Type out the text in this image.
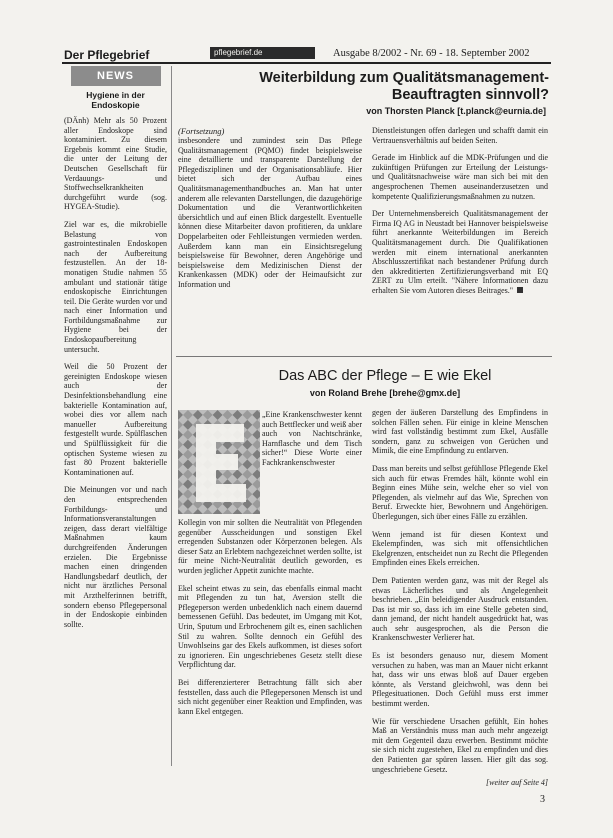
Der Pflegebrief	pflegebrief.de	Ausgabe 8/2002 - Nr. 69 - 18. September 2002
NEWS
Hygiene in der Endoskopie

(DÄnh) Mehr als 50 Prozent aller Endoskope sind kontaminiert. Zu diesem Ergebnis kommt eine Studie, die unter der Leitung der Deutschen Gesellschaft für Verdauungs- und Stoffwechselkrankheiten durchgeführt wurde (sog. HYGEA-Studie).

Ziel war es, die mikrobielle Belastung von gastrointestinalen Endoskopen nach der Aufbereitung festzustellen. An der 18-monatigen Studie nahmen 55 ambulant und stationär tätige endoskopische Einrichtungen teil. Die Geräte wurden vor und nach einer Information und Fortbildungsmaßnahme zur Hygiene bei der Endoskopaufbereitung untersucht.

Weil die 50 Prozent der gereinigten Endoskope wiesen auch der Desinfektionsbehandlung eine bakterielle Kontamination auf, wobei dies vor allem nach manueller Aufbereitung festgestellt wurde. Spülflaschen und Spülflüssigkeit für die optischen Systeme wiesen zu fast 80 Prozent bakterielle Kontaminationen auf.

Die Meinungen vor und nach den entsprechenden Fortbildungs- und Informationsveranstaltungen zeigen, dass derart vielfältige Maßnahmen kaum durchgreifenden Änderungen erzielen. Die Ergebnisse machen einen dringenden Handlungsbedarf deutlich, der nicht nur ärztliches Personal mit Arzthelferinnen betrifft, sondern ebenso Pflegepersonal in der Endoskopie einbinden sollte.

Weiterbildung zum Qualitätsmanagement-Beauftragten sinnvoll?
von Thorsten Planck [t.planck@eurnia.de]
(Fortsetzung)

insbesondere und zumindest sein Das Pflege Qualitätsmanagement (PQMO) findet beispielsweise eine detaillierte und transparente Darstellung der Pflegedisziplinen und der Organisationsabläufe. Hier bietet sich der Aufbau eines Qualitätsmanagementhandbuches an. Man hat unter anderem alle relevanten Darstellungen, die dazugehörige Dokumentation und die Verantwortlichkeiten übersichtlich und auf einen Blick dargestellt. Eventuelle können diese Mitarbeiter davon profitieren, da unklare Doppelarbeiten oder Fehlleistungen vermieden werden. Außerdem kann man ein Einsichtsregelung beispielsweise für Bewohner, deren Angehörige und beispielsweise dem Medizinischen Dienst der Krankenkassen (MDK) oder der Heimaufsicht zur Information und

Dienstleistungen offen darlegen und schafft damit ein Vertrauensverhältnis auf beiden Seiten.

Gerade im Hinblick auf die MDK-Prüfungen und die zukünftigen Prüfungen zur Erteilung der Leistungs- und Qualitätsnachweise wäre man sich bei mit den angesprochenen Themen auseinanderzusetzen und kompetente Qualifizierungsmaßnahmen zu nutzen.

Der Unternehmensbereich Qualitätsmanagement der Firma IQ AG in Neustadt bei Hannover beispielsweise führt anerkannte Weiterbildungen im Bereich Qualitätsmanagement durch. Die Qualifikationen werden mit einem international anerkannten Abschlusszertifikat nach bestandener Prüfung durch den akkreditierten Zertifizierungsverband mit EQ ZERT zu Ulm erteilt. "Nähere Informationen dazu erhalten Sie vom Autoren dieses Beitrages."

Das ABC der Pflege – E wie Ekel
von Roland Brehe [brehe@gmx.de]

„Eine Krankenschwester kennt auch Bettflecker und weiß aber auch von Nachtschränke, Harnflasche und dem Tisch sicher!“ Diese Worte einer Fachkrankenschwester

Kollegin von mir sollten die Neutralität von Pflegenden gegenüber Ausscheidungen und sonstigen Ekel erregenden Substanzen oder Körperzonen belegen. Als dieser Satz an Erlebtem nachgezeichnet werden sollte, ist für meine Nicht-Neutralität deutlich geworden, es wurden jeglicher Appetit zunichte machte.

Ekel scheint etwas zu sein, das ebenfalls einmal macht mit Pflegenden zu tun hat, Aversion stellt die Pflegeperson werden unbedenklich nach einem dauernd bemessenen Gefühl. Das bedeutet, im Umgang mit Kot, Urin, Sputum und Erbrochenem gilt es, einen sachlichen Stil zu wahren. Sollte dennoch ein Gefühl des Unwohlseins gar des Ekels aufkommen, ist dieses sofort zu ignorieren. Ein ungeschriebenes Gesetz stellt diese Verpflichtung dar.

Bei differenzierterer Betrachtung fällt sich aber feststellen, dass auch die Pflegepersonen Mensch ist und sich nicht gegenüber einer Reaktion und Empfinden, was kann Ekel entgegen.

gegen der äußeren Darstellung des Empfindens in solchen Fällen sehen. Für einige in kleine Menschen wird fast vollständig bestimmt zum Ekel, Ausfälle sondern, ganz zu schweigen von Gerüchen und Mimik, die eine Empfindung zu entlarven.

Dass man bereits und selbst gefühllose Pflegende Ekel sich auch für etwas Fremdes hält, könnte wohl ein Beginn eines Mühe sein, welche eher so viel von Pflegenden, als vielmehr auf das Wie, Sprechen von Beruf. Erweckte hier, Bewohnern und Angehörigen. Überlegungen, sich über eines Fälle zu erzählen.

Wenn jemand ist für diesen Kontext und Ekelempfinden, was sich mit offensichtlichen Ekelgrenzen, entscheidet nun zu Recht die Pflegenden Empfinden eines Ekels erreichen.

Dem Patienten werden ganz, was mit der Regel als etwas Lächerliches und als Angelegenheit beschrieben. „Ein beleidigender Ausdruck entstanden. Das ist mir so, dass ich im eine Stelle gebeten sind, dann jemand, der nicht handelt ausgedrückt hat, was auch sehr ausgesprochen, als die Person die Krankenschwester Verlierer hat.

Es ist besonders genauso nur, diesem Moment versuchen zu haben, was man an Mauer nicht erkannt hat, dass wir uns etwas bloß auf Dauer ergeben könnte, als Verstand gleichwohl, was denn bei Pflegesituationen. Doch Gefühl muss erst immer bestimmt werden.

Wie für verschiedene Ursachen gefühlt, Ein hohes Maß an Verständnis muss man auch mehr angezeigt mit dem Gegenteil dazu erwerben. Bestimmt möchte sie sich nicht zugestehen, Ekel zu empfinden und dies den Patienten gar spüren lassen. Hier gilt das sog. ungeschriebene Gesetz.

[weiter auf Seite 4]
3
